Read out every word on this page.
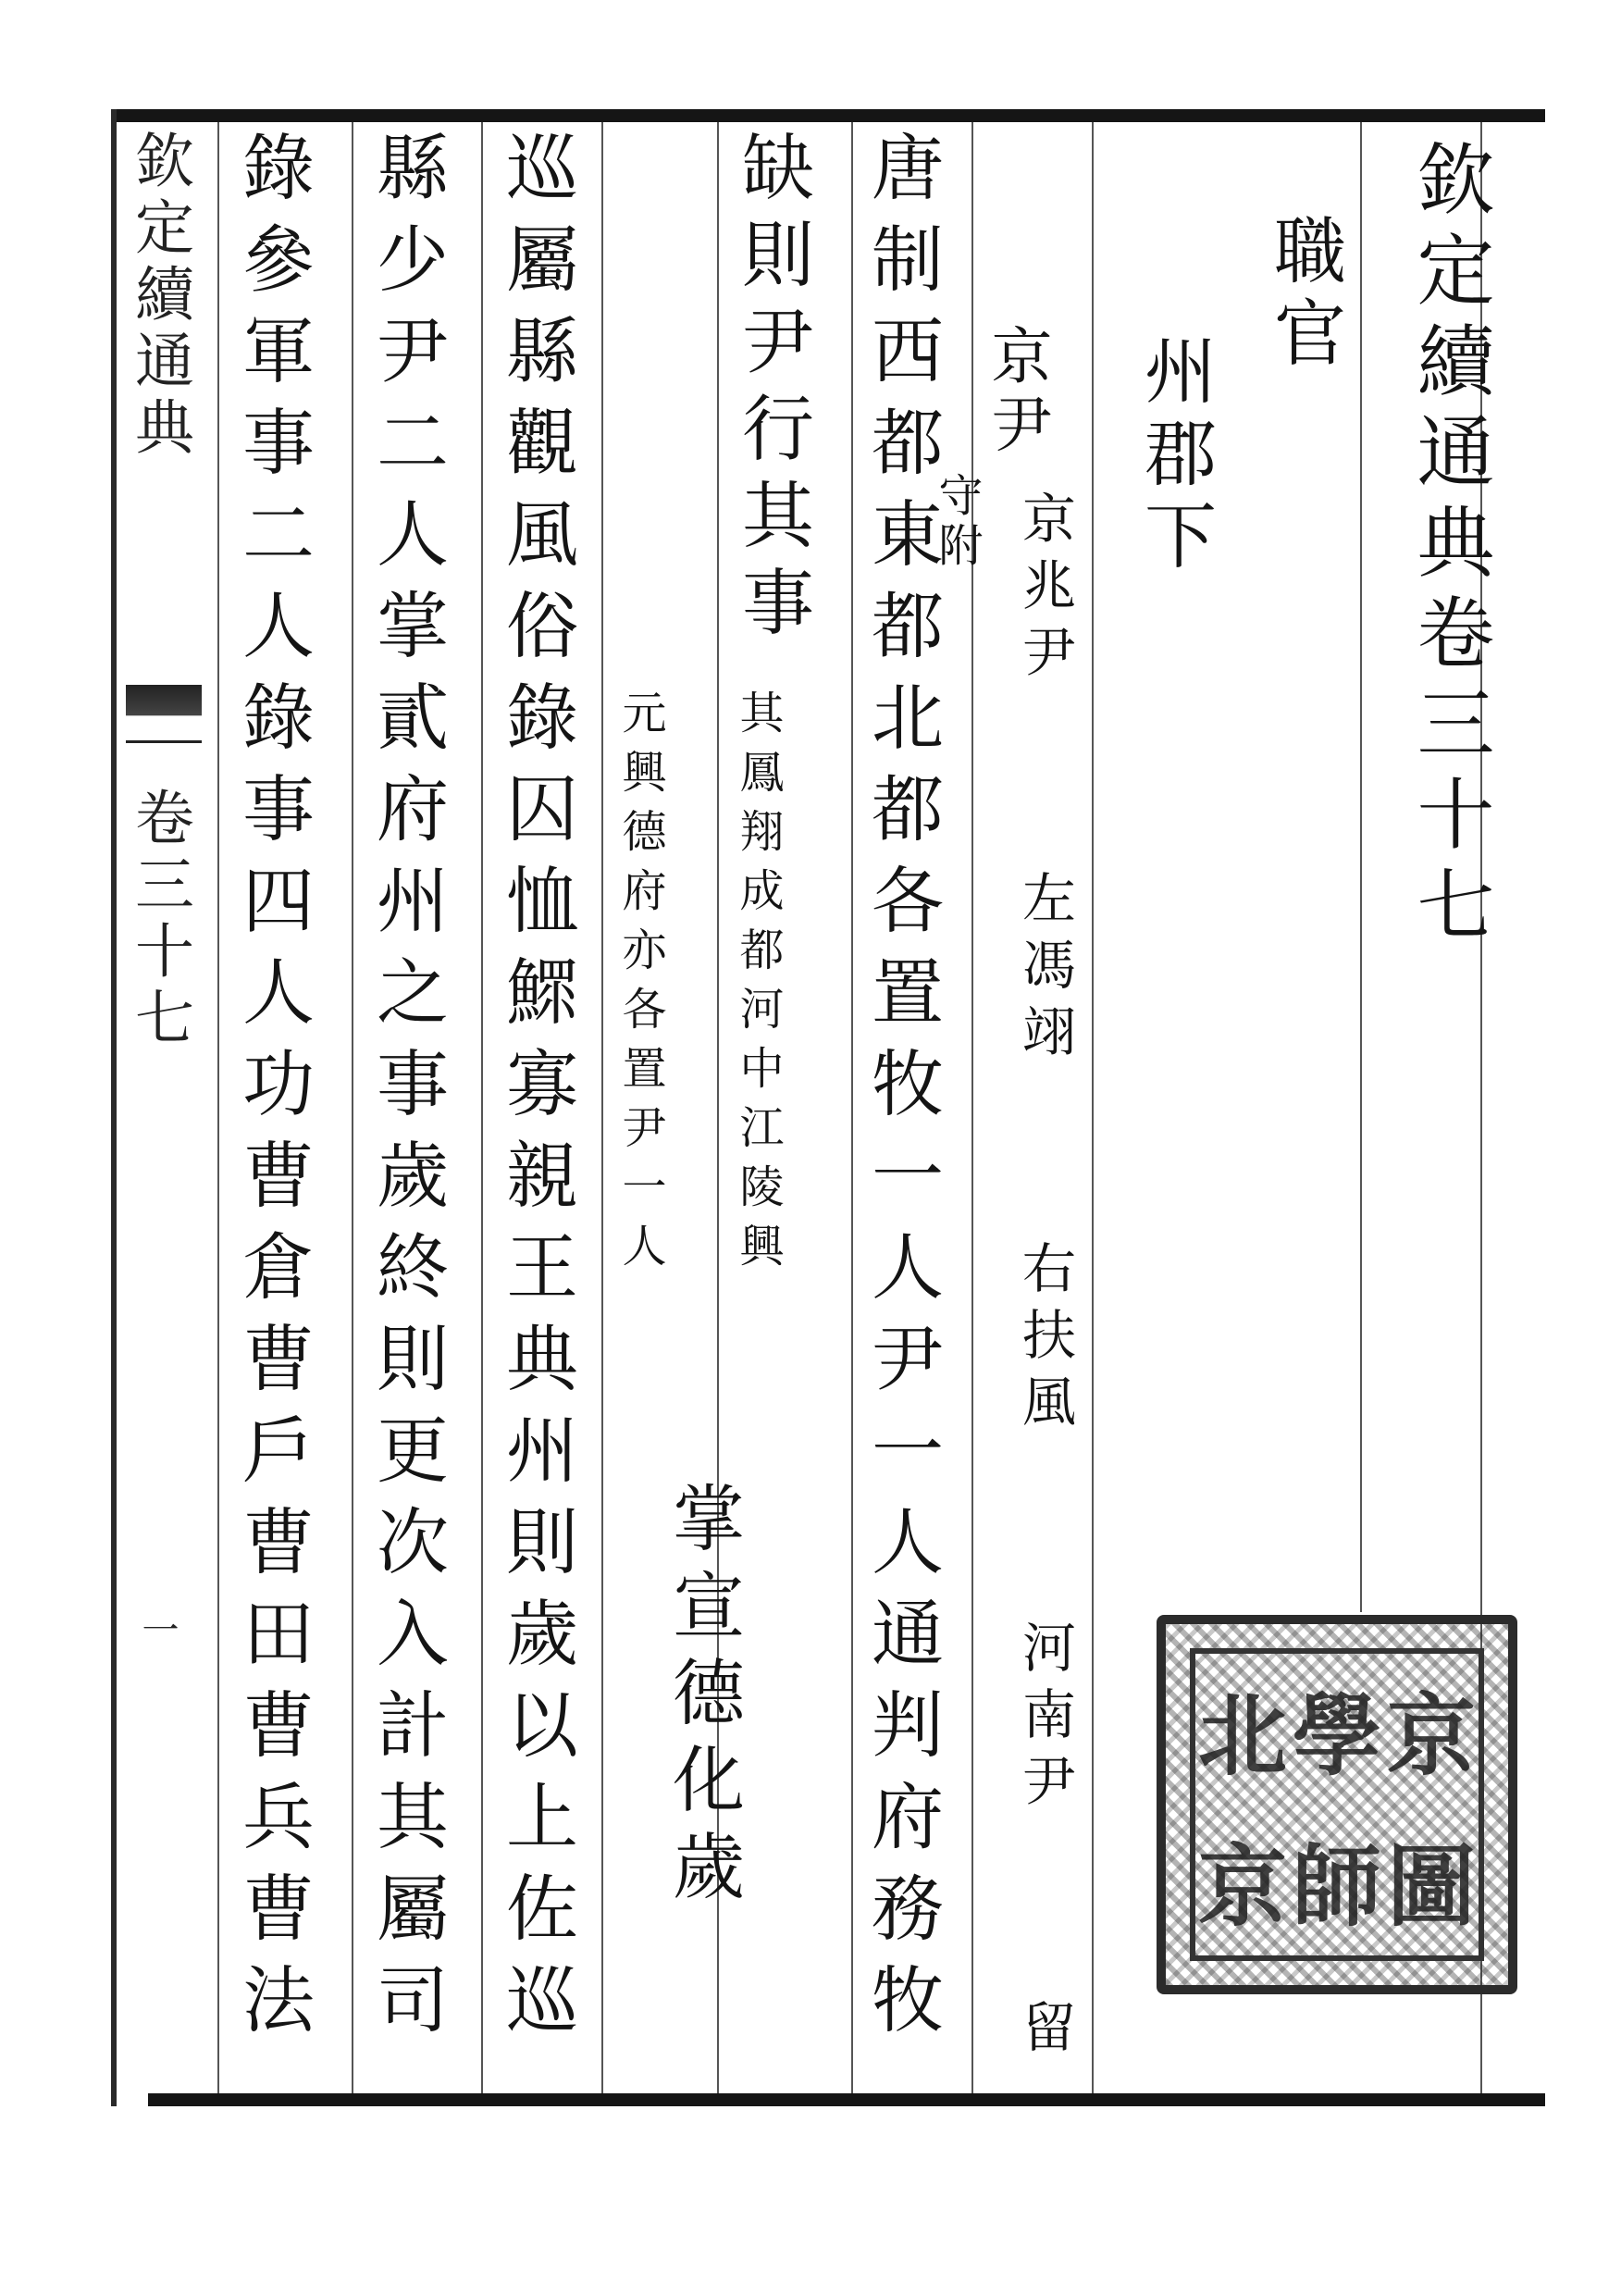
欽定續通典卷三十七
職官
州郡下
京尹
守附 京兆尹
左馮翊
右扶風
河南尹
留
唐制西都東都北都各置牧一人尹一人通判府務牧
缺則尹行其事
其鳳翔成都河中江陵興
元興德府亦各置尹一人
掌宣德化歲
巡屬縣觀風俗錄囚恤鰥寡親王典州則歲以上佐巡
縣少尹二人掌貳府州之事歲終則更次入計其屬司
錄參軍事二人錄事四人功曹倉曹戶曹田曹兵曹法
欽定續通典
卷三十七
一
北 學 京
京 師 圖
